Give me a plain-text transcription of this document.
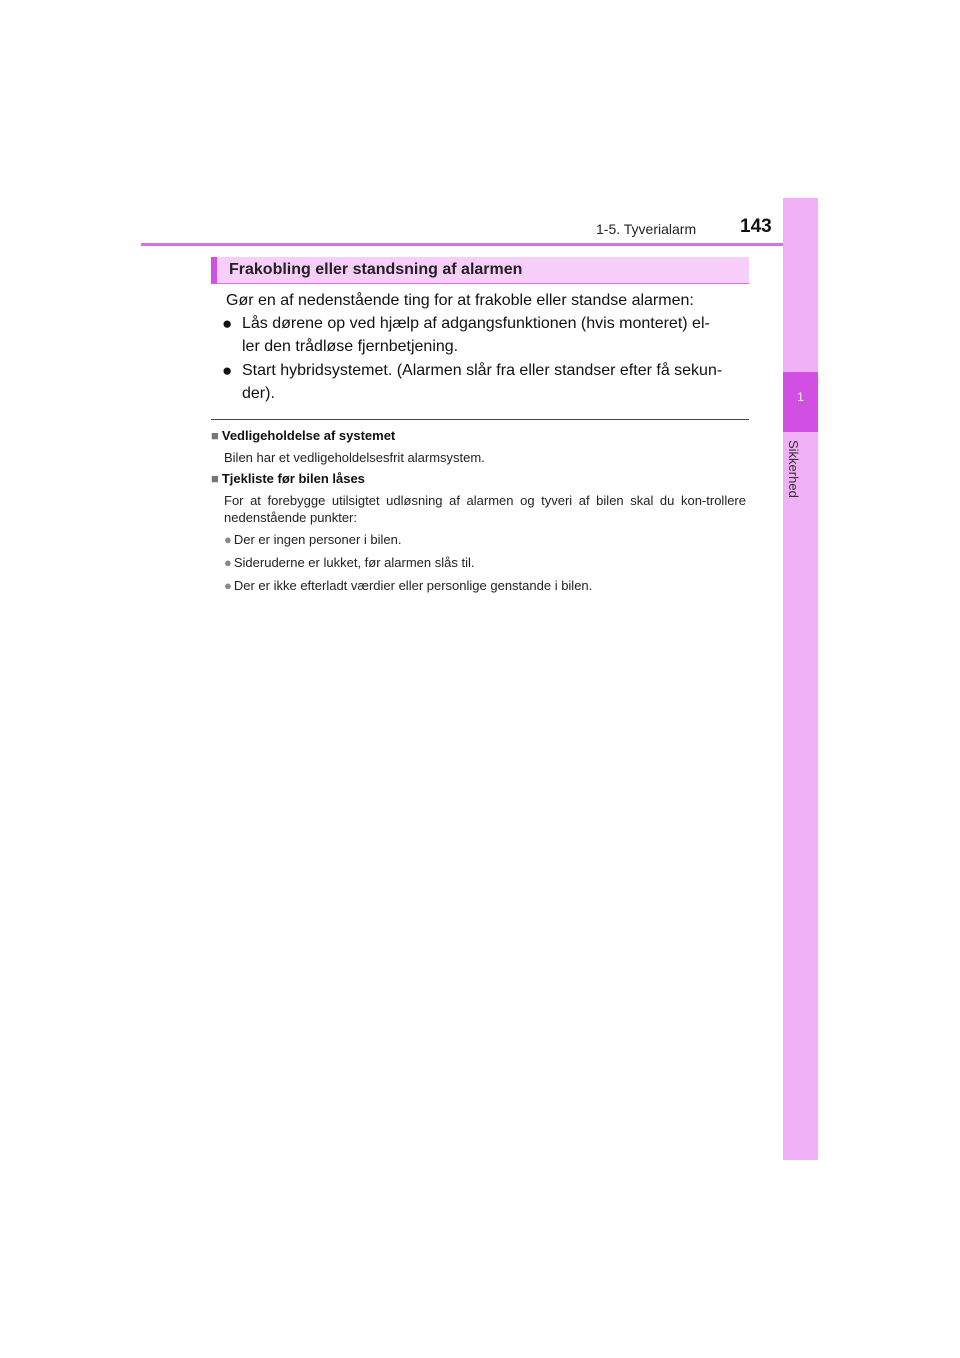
1-5. Tyverialarm 143
1
Sikkerhed
Frakobling eller standsning af alarmen
Gør en af nedenstående ting for at frakoble eller standse alarmen:
● Lås dørene op ved hjælp af adgangsfunktionen (hvis monteret) el-
ler den trådløse fjernbetjening.
● Start hybridsystemet. (Alarmen slår fra eller standser efter få sekun-
der).
■ Vedligeholdelse af systemet
Bilen har et vedligeholdelsesfrit alarmsystem.
■ Tjekliste før bilen låses
For at forebygge utilsigtet udløsning af alarmen og tyveri af bilen skal du kon-trollere nedenstående punkter:
● Der er ingen personer i bilen.
● Sideruderne er lukket, før alarmen slås til.
● Der er ikke efterladt værdier eller personlige genstande i bilen.
